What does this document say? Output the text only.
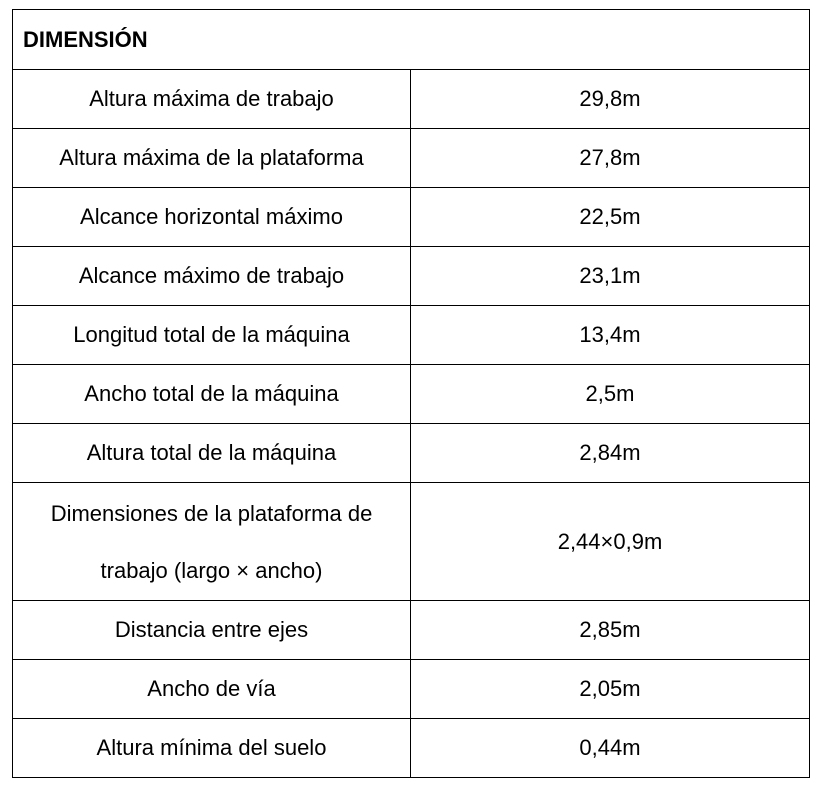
DIMENSIÓN	
Altura máxima de trabajo	29,8m
Altura máxima de la plataforma	27,8m
Alcance horizontal máximo	22,5m
Alcance máximo de trabajo	23,1m
Longitud total de la máquina	13,4m
Ancho total de la máquina	2,5m
Altura total de la máquina	2,84m
Dimensiones de la plataforma de trabajo (largo × ancho)	2,44×0,9m
Distancia entre ejes	2,85m
Ancho de vía	2,05m
Altura mínima del suelo	0,44m
